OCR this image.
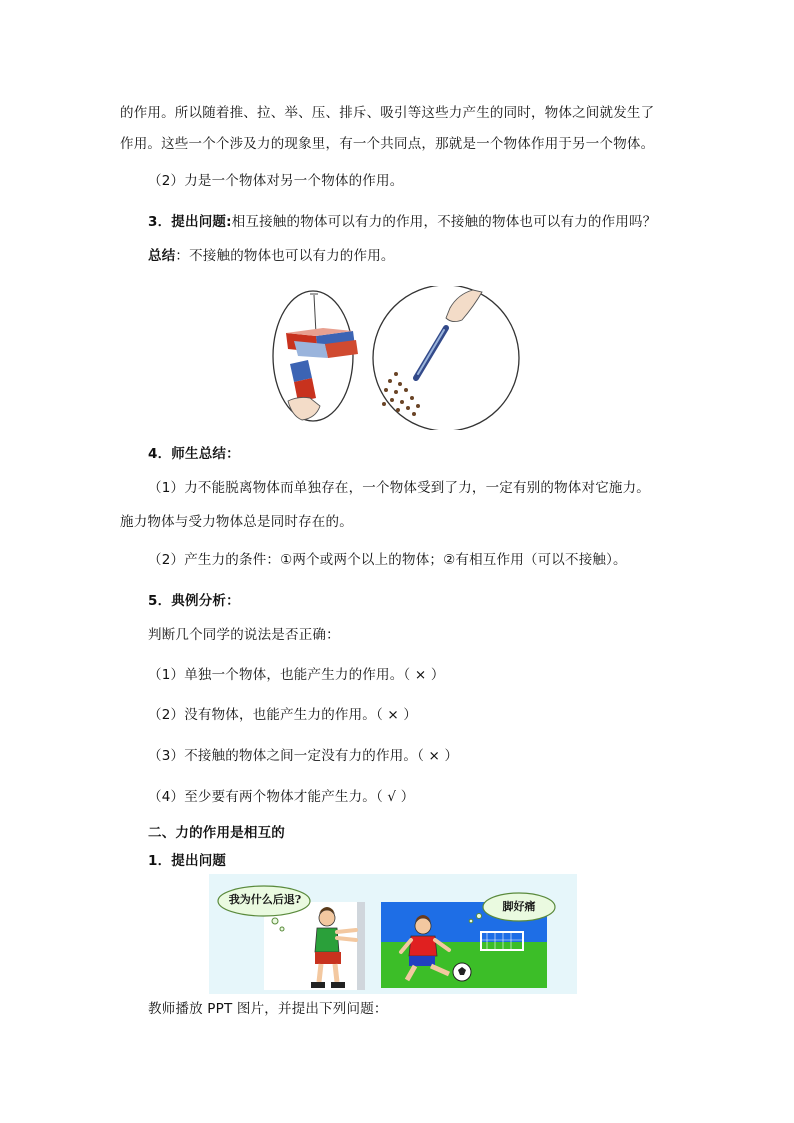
的作用。所以随着推、拉、举、压、排斥、吸引等这些力产生的同时，物体之间就发生了
作用。这些一个个涉及力的现象里，有一个共同点，那就是一个物体作用于另一个物体。
（2）力是一个物体对另一个物体的作用。
3．提出问题:相互接触的物体可以有力的作用，不接触的物体也可以有力的作用吗？
总结：不接触的物体也可以有力的作用。
4．师生总结：
（1）力不能脱离物体而单独存在，一个物体受到了力，一定有别的物体对它施力。
施力物体与受力物体总是同时存在的。
（2）产生力的条件：①两个或两个以上的物体；②有相互作用（可以不接触）。
5．典例分析：
判断几个同学的说法是否正确：
（1）单独一个物体，也能产生力的作用。（ × ）
（2）没有物体，也能产生力的作用。（ × ）
（3）不接触的物体之间一定没有力的作用。（ × ）
（4）至少要有两个物体才能产生力。（ √ ）
二、力的作用是相互的
1．提出问题
我为什么后退?
脚好痛
教师播放 PPT 图片，并提出下列问题：
